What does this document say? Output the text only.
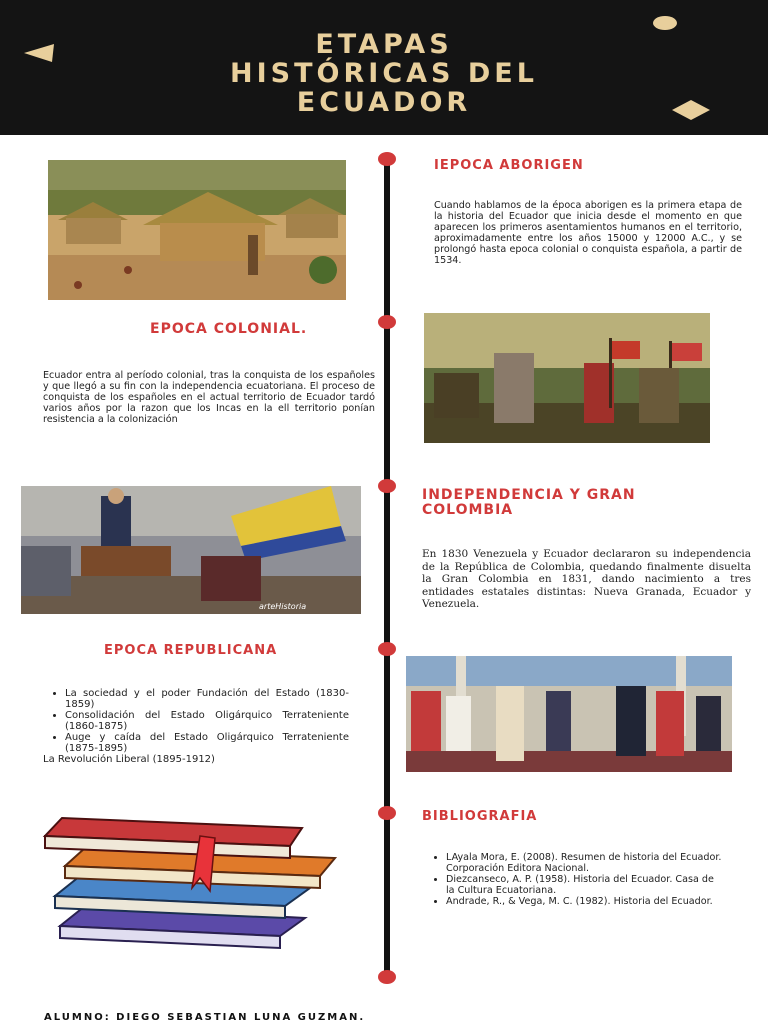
ETAPAS
HISTÓRICAS DEL
ECUADOR
IEPOCA ABORIGEN
Cuando hablamos de la época aborigen es la primera etapa de la historia del Ecuador que inicia desde el momento en que aparecen los primeros asentamientos humanos en el territorio, aproximadamente entre los años 15000 y 12000 A.C., y se prolongó hasta epoca colonial o conquista española, a partir de 1534.
EPOCA COLONIAL.
Ecuador entra al período colonial, tras la conquista de los españoles y que llegó a su fin con la independencia ecuatoriana. El proceso de conquista de los españoles en el actual territorio de Ecuador tardó varios años por la razon que los Incas en la ell territorio ponían resistencia a la colonización
arteHistoria
INDEPENDENCIA Y GRAN
COLOMBIA
En 1830 Venezuela y Ecuador declararon su independencia de la República de Colombia, quedando finalmente disuelta la Gran Colombia en 1831, dando nacimiento a tres entidades estatales distintas: Nueva Granada, Ecuador y Venezuela.
EPOCA REPUBLICANA
• La sociedad y el poder Fundación del Estado (1830-1859)
• Consolidación del Estado Oligárquico Terrateniente (1860-1875)
• Auge y caída del Estado Oligárquico Terrateniente (1875-1895)
La Revolución Liberal (1895-1912)
BIBLIOGRAFIA
• LAyala Mora, E. (2008). Resumen de historia del Ecuador. Corporación Editora Nacional.
• Diezcanseco, A. P. (1958). Historia del Ecuador. Casa de la Cultura Ecuatoriana.
• Andrade, R., & Vega, M. C. (1982). Historia del Ecuador.
ALUMNO: DIEGO SEBASTIAN LUNA GUZMAN.
